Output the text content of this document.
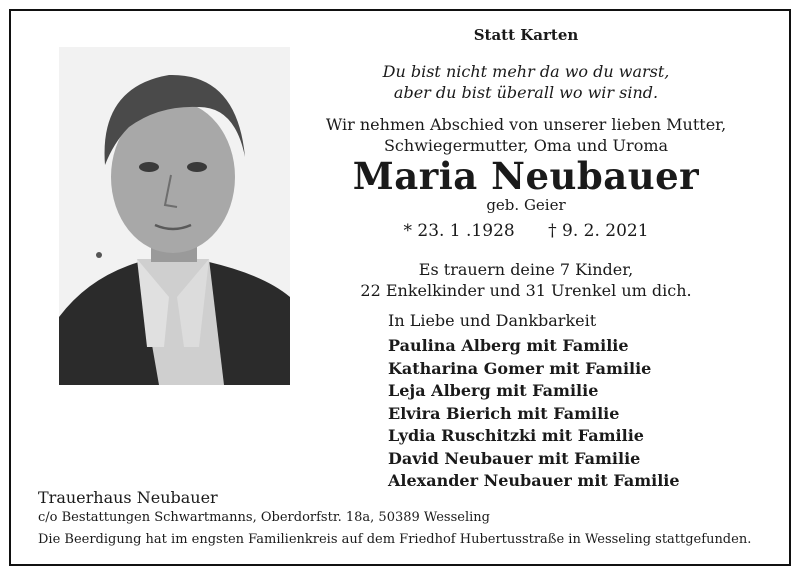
Statt Karten
Du bist nicht mehr da wo du warst,
aber du bist überall wo wir sind.
Wir nehmen Abschied von unserer lieben Mutter,
Schwiegermutter, Oma und Uroma
Maria Neubauer
geb. Geier
* 23. 1 .1928 † 9. 2. 2021
Es trauern deine 7 Kinder,
22 Enkelkinder und 31 Urenkel um dich.
In Liebe und Dankbarkeit
Paulina Alberg mit Familie
Katharina Gomer mit Familie
Leja Alberg mit Familie
Elvira Bierich mit Familie
Lydia Ruschitzki mit Familie
David Neubauer mit Familie
Alexander Neubauer mit Familie
Trauerhaus Neubauer
c/o Bestattungen Schwartmanns, Oberdorfstr. 18a, 50389 Wesseling
Die Beerdigung hat im engsten Familienkreis auf dem Friedhof Hubertusstraße in Wesseling stattgefunden.
